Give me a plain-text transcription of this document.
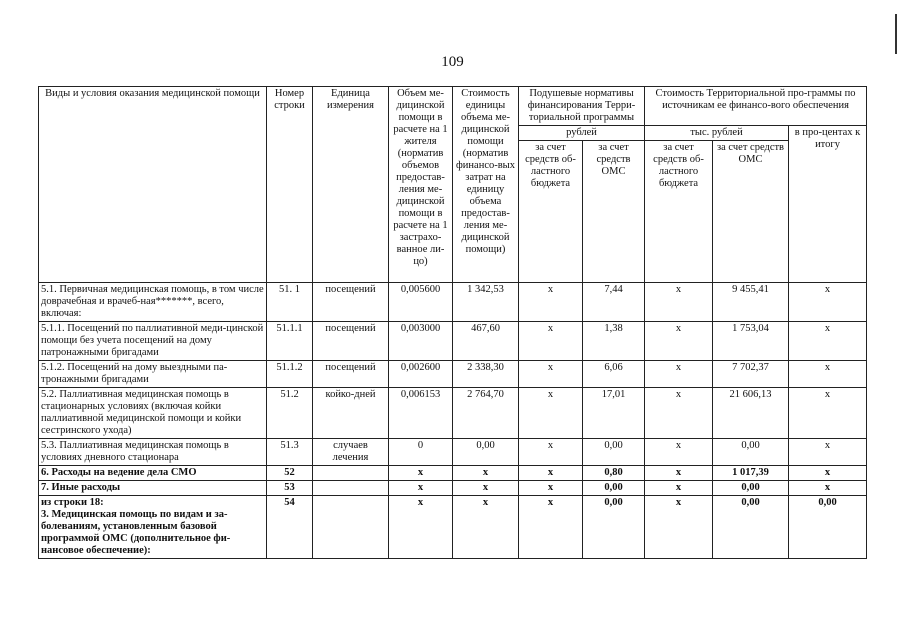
109
Виды и условия оказания медицинской помощи	Номер строки	Единица измерения	Объем ме-дицинской помощи в расчете на 1 жителя (норматив объемов предостав-ления ме-дицинской помощи в расчете на 1 застрахо-ванное ли-цо)	Стоимость единицы объема ме-дицинской помощи (норматив финансо-вых затрат на единицу объема предостав-ления ме-дицинской помощи)	Подушевые нормативы финансирования Терри-ториальной программы		Стоимость Территориальной про-граммы по источникам ее финансо-вого обеспечения		
					рублей		тыс. рублей		в про-центах к итогу
					за счет средств об-ластного бюджета	за счет средств ОМС	за счет средств об-ластного бюджета	за счет средств ОМС	
5.1. Первичная медицинская помощь, в том числе доврачебная и врачеб-ная*******, всего, включая:	51. 1	посещений	0,005600	1 342,53	х	7,44	х	9 455,41	х
5.1.1. Посещений по паллиативной меди-цинской помощи без учета посещений на дому патронажными бригадами	51.1.1	посещений	0,003000	467,60	х	1,38	х	1 753,04	х
5.1.2. Посещений на дому выездными па-тронажными бригадами	51.1.2	посещений	0,002600	2 338,30	х	6,06	х	7 702,37	х
5.2. Паллиативная медицинская помощь в стационарных условиях (включая койки паллиативной медицинской помощи и койки сестринского ухода)	51.2	койко-дней	0,006153	2 764,70	х	17,01	х	21 606,13	х
5.3. Паллиативная медицинская помощь в условиях дневного стационара	51.3	случаев лечения	0	0,00	х	0,00	х	0,00	х
6. Расходы на ведение дела СМО	52		х	х	х	0,80	х	1 017,39	х
7. Иные расходы	53		х	х	х	0,00	х	0,00	х
из строки 18:
3. Медицинская помощь по видам и за-болеваниям, установленным базовой программой ОМС (дополнительное фи-нансовое обеспечение):	54		х	х	х	0,00	х	0,00	0,00
